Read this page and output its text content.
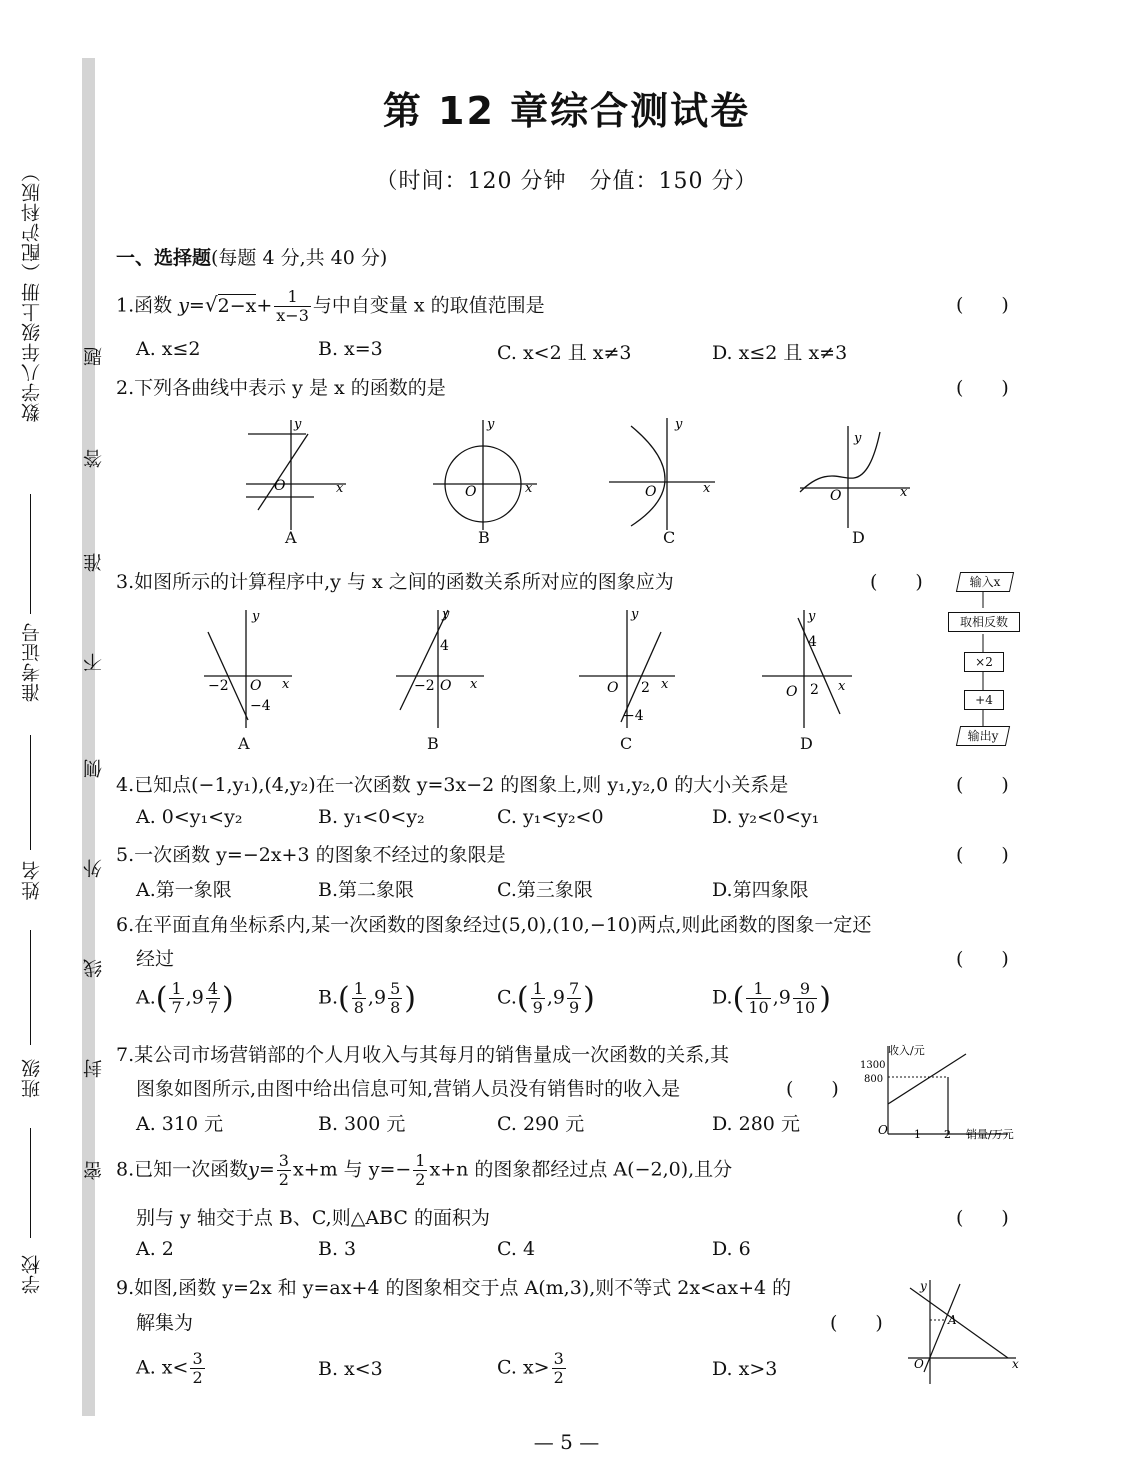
数学八年级上册（配沪科版）
学校
班级
姓名
准考证号
密
封
线
外
侧
不
准
答
题
第 12 章综合测试卷
（时间：120 分钟　分值：150 分）
一、选择题(每题 4 分,共 40 分)
1.函数 $y=√2-x+ \frac{1}{x-3}$ 与中自变量 x 的取值范围是	(　　)
A. x≤2	B. x=3	C. x<2 且 x≠3	D. x≤2 且 x≠3
2.下列各曲线中表示 y 是 x 的函数的是	(　　)
O	x
y
O	x
y
O	x
y
O	x
y
A	B	C	D
3.如图所示的计算程序中,y 与 x 之间的函数关系所对应的图象应为	(　　)
−2 O
−4
x
y
4
−2 O x
y
O 2
−4
x
y
4
O 2 x
y
A	B	C	D
输入x
取相反数
×2
+4
输出y
4.已知点(−1,y₁),(4,y₂)在一次函数 y=3x−2 的图象上,则 y₁,y₂,0 的大小关系是	(　　)
A. 0<y₁<y₂	B. y₁<0<y₂	C. y₁<y₂<0	D. y₂<0<y₁
5.一次函数 y=−2x+3 的图象不经过的象限是	(　　)
A.第一象限	B.第二象限	C.第三象限	D.第四象限
6.在平面直角坐标系内,某一次函数的图象经过(5,0),(10,−10)两点,则此函数的图象一定还
经过	(　　)
$A.( \frac{1}{7} ,9 \frac{4}{7}$ )	$B.( \frac{1}{8} ,9 \frac{5}{8}$ )	$C.( \frac{1}{9} ,9 \frac{7}{9}$ )	$D.( \frac{1}{10} ,9 \frac{9}{10}$ )
7.某公司市场营销部的个人月收入与其每月的销售量成一次函数的关系,其
图象如图所示,由图中给出信息可知,营销人员没有销售时的收入是	(　　)
A. 310 元	B. 300 元	C. 290 元	D. 280 元
收入/元
1300
800
O 1 2 销量/万元
8.已知一次函数$y= \frac{3}{2} x+m$ 与 $y=- \frac{1}{2} x+n$ 的图象都经过点 A(−2,0),且分
别与 y 轴交于点 B、C,则△ABC 的面积为	(　　)
A. 2	B. 3	C. 4	D. 6
9.如图,函数 y=2x 和 y=ax+4 的图象相交于点 A(m,3),则不等式 2x<ax+4 的
解集为	(　　)
A. $x< \frac{3}{2}$	B. x<3	C. $x> \frac{3}{2}$	D. x>3
y
x
A
O
— 5 —
